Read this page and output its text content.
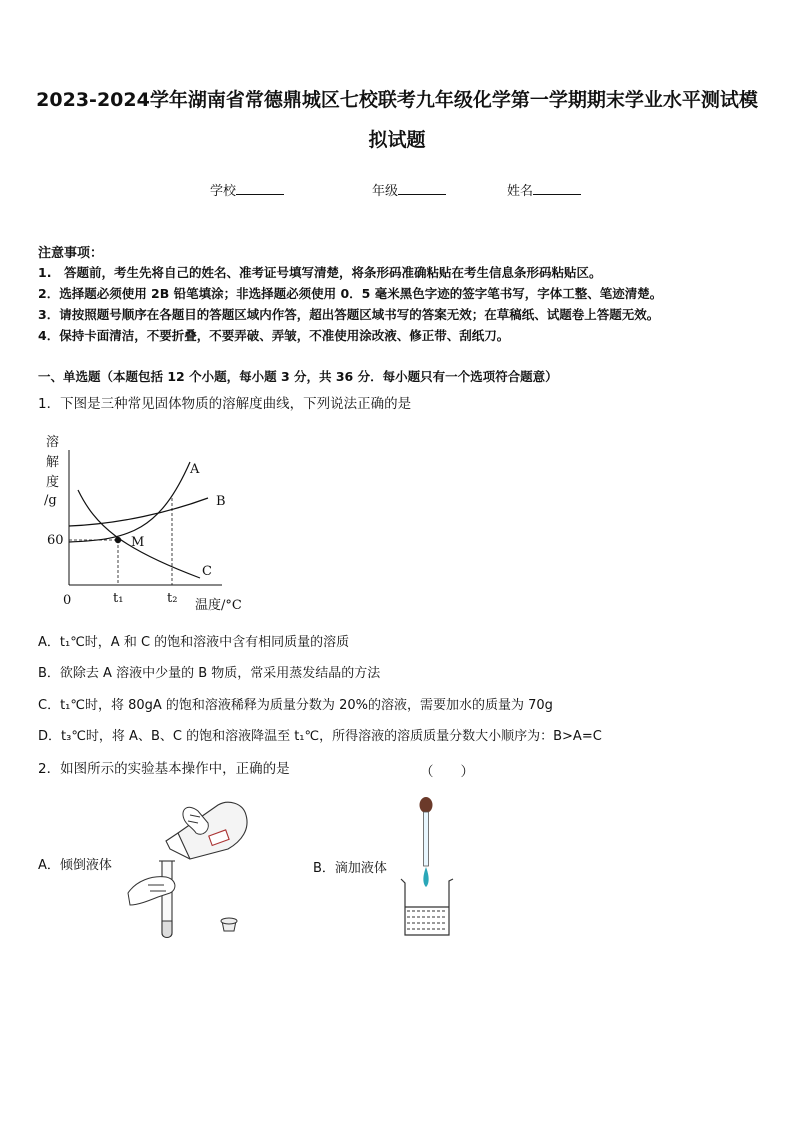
2023-2024学年湖南省常德鼎城区七校联考九年级化学第一学期期末学业水平测试模
拟试题
学校	年级	姓名
注意事项：
1.　答题前，考生先将自己的姓名、准考证号填写清楚，将条形码准确粘贴在考生信息条形码粘贴区。
2．选择题必须使用 2B 铅笔填涂；非选择题必须使用 0．5 毫米黑色字迹的签字笔书写，字体工整、笔迹清楚。
3．请按照题号顺序在各题目的答题区域内作答，超出答题区域书写的答案无效；在草稿纸、试题卷上答题无效。
4．保持卡面清洁，不要折叠，不要弄破、弄皱，不准使用涂改液、修正带、刮纸刀。
一、单选题（本题包括 12 个小题，每小题 3 分，共 36 分．每小题只有一个选项符合题意）
1．下图是三种常见固体物质的溶解度曲线，下列说法正确的是
溶
解
度
/g
A
B
C
M
60
0	t₁	t₂ 温度/°C
A．t₁℃时，A 和 C 的饱和溶液中含有相同质量的溶质
B．欲除去 A 溶液中少量的 B 物质，常采用蒸发结晶的方法
C．t₁℃时，将 80gA 的饱和溶液稀释为质量分数为 20%的溶液，需要加水的质量为 70g
D．t₃℃时，将 A、B、C 的饱和溶液降温至 t₁℃，所得溶液的溶质质量分数大小顺序为：B>A=C
2．如图所示的实验基本操作中，正确的是	（　　）
A．倾倒液体	B．滴加液体
